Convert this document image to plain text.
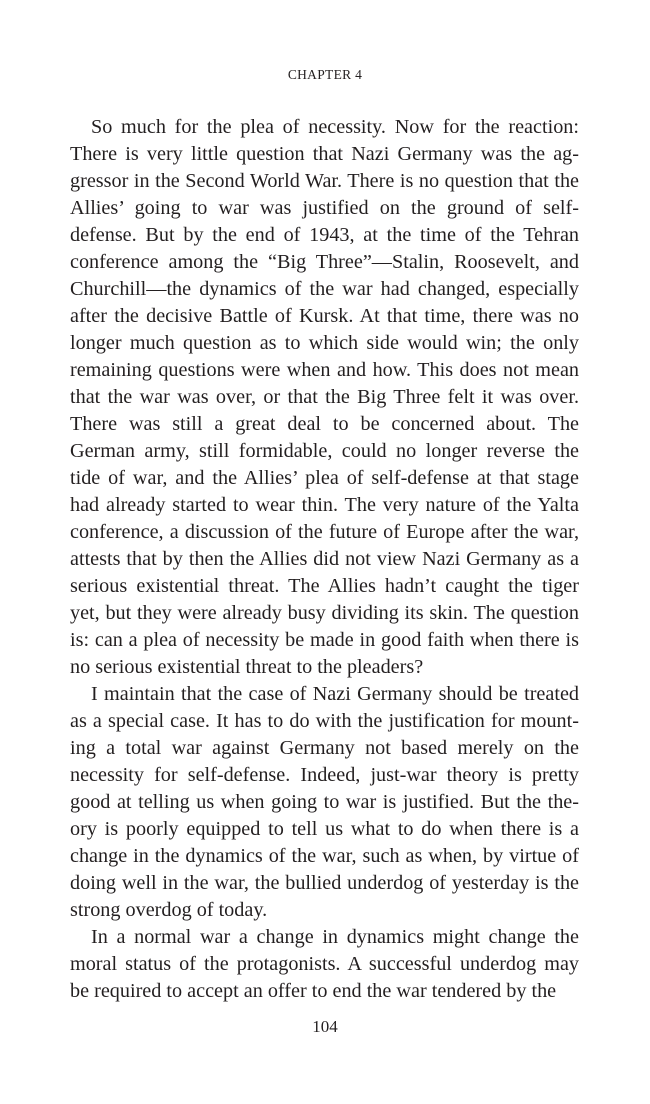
CHAPTER 4

So much for the plea of necessity. Now for the reaction: There is very little question that Nazi Germany was the aggressor in the Second World War. There is no question that the Allies’ going to war was justified on the ground of self-defense. But by the end of 1943, at the time of the Tehran conference among the “Big Three”—Stalin, Roosevelt, and Churchill—the dynamics of the war had changed, especially after the decisive Battle of Kursk. At that time, there was no longer much question as to which side would win; the only remaining questions were when and how. This does not mean that the war was over, or that the Big Three felt it was over. There was still a great deal to be concerned about. The German army, still formidable, could no longer reverse the tide of war, and the Allies’ plea of self-defense at that stage had already started to wear thin. The very nature of the Yalta conference, a discussion of the future of Europe after the war, attests that by then the Allies did not view Nazi Germany as a serious existential threat. The Allies hadn’t caught the tiger yet, but they were already busy dividing its skin. The question is: can a plea of necessity be made in good faith when there is no serious existential threat to the pleaders?

I maintain that the case of Nazi Germany should be treated as a special case. It has to do with the justification for mounting a total war against Germany not based merely on the necessity for self-defense. Indeed, just-war theory is pretty good at telling us when going to war is justified. But the theory is poorly equipped to tell us what to do when there is a change in the dynamics of the war, such as when, by virtue of doing well in the war, the bullied underdog of yesterday is the strong overdog of today.

In a normal war a change in dynamics might change the moral status of the protagonists. A successful underdog may be required to accept an offer to end the war tendered by the

104
